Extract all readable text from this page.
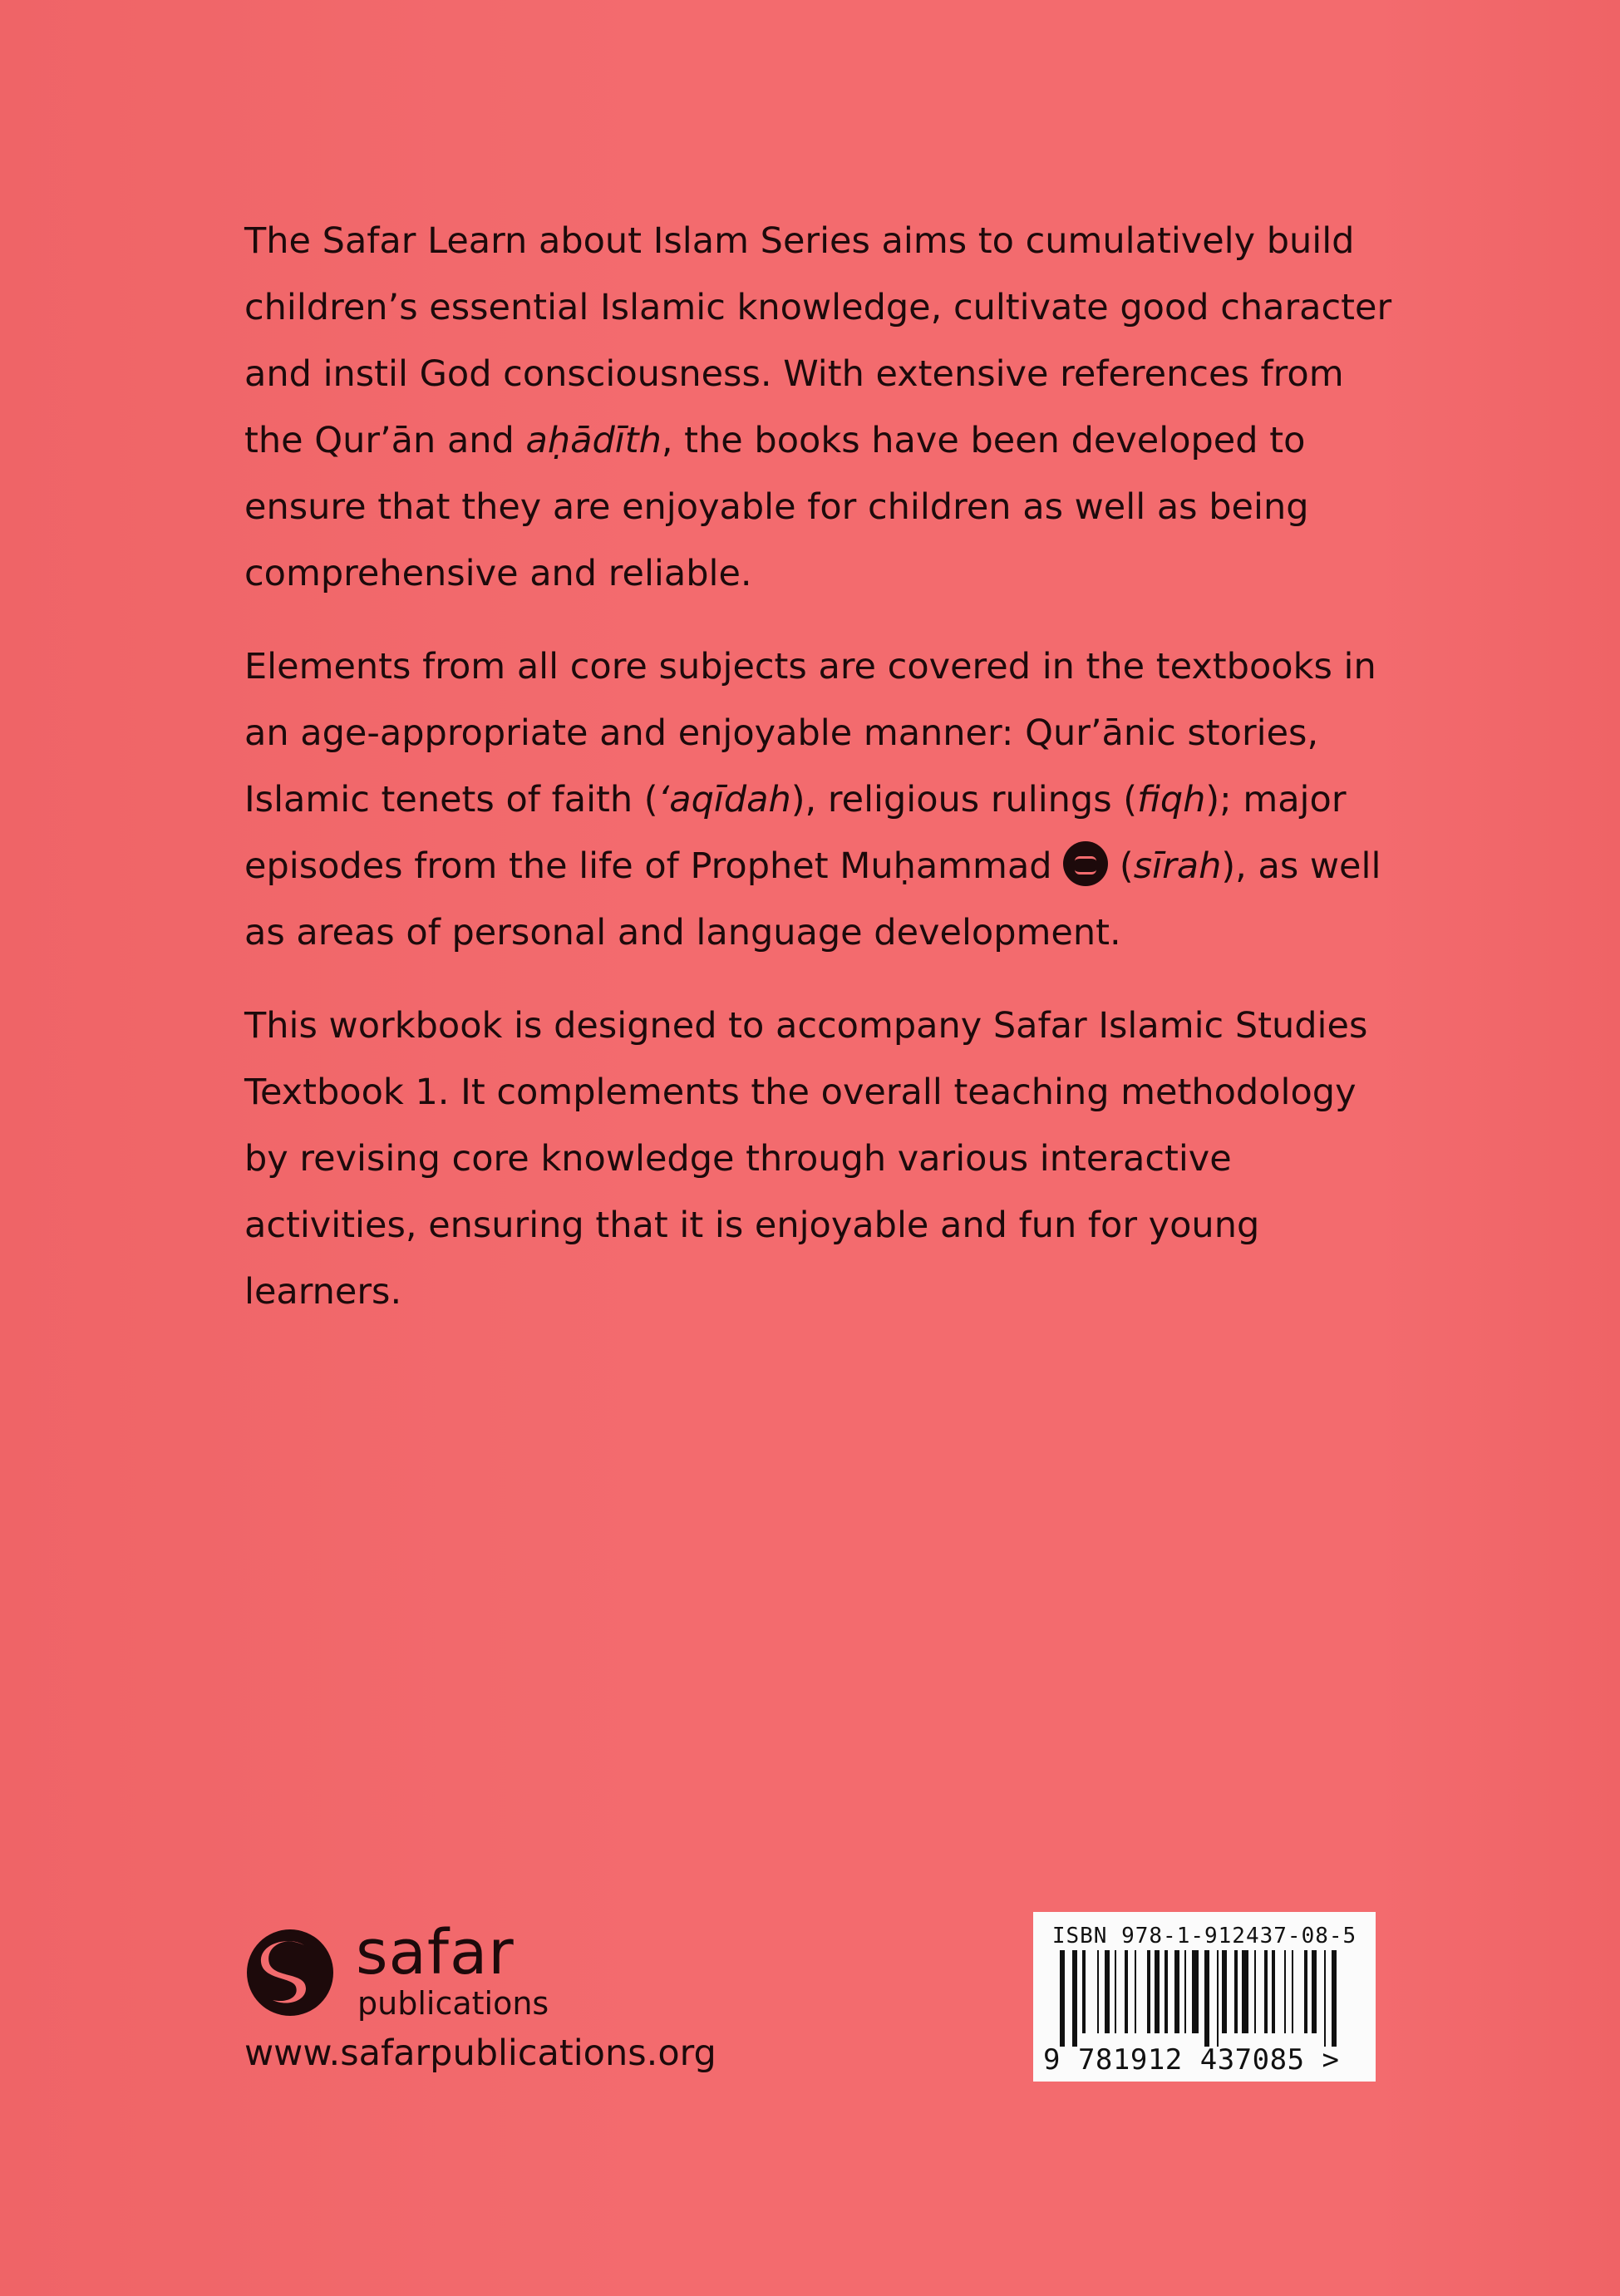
The Safar Learn about Islam Series aims to cumulatively build children’s essential Islamic knowledge, cultivate good character and instil God consciousness. With extensive references from the Qur’ān and aḥādīth, the books have been developed to ensure that they are enjoyable for children as well as being comprehensive and reliable.

Elements from all core subjects are covered in the textbooks in an age-appropriate and enjoyable manner: Qur’ānic stories, Islamic tenets of faith (‘aqīdah), religious rulings (fiqh); major episodes from the life of Prophet Muḥammad  (sīrah), as well as areas of personal and language development.

This workbook is designed to accompany Safar Islamic Studies Textbook 1. It complements the overall teaching methodology by revising core knowledge through various interactive activities, ensuring that it is enjoyable and fun for young learners.

safar
publications
www.safarpublications.org
ISBN 978-1-912437-08-5
9 781912 437085 >
